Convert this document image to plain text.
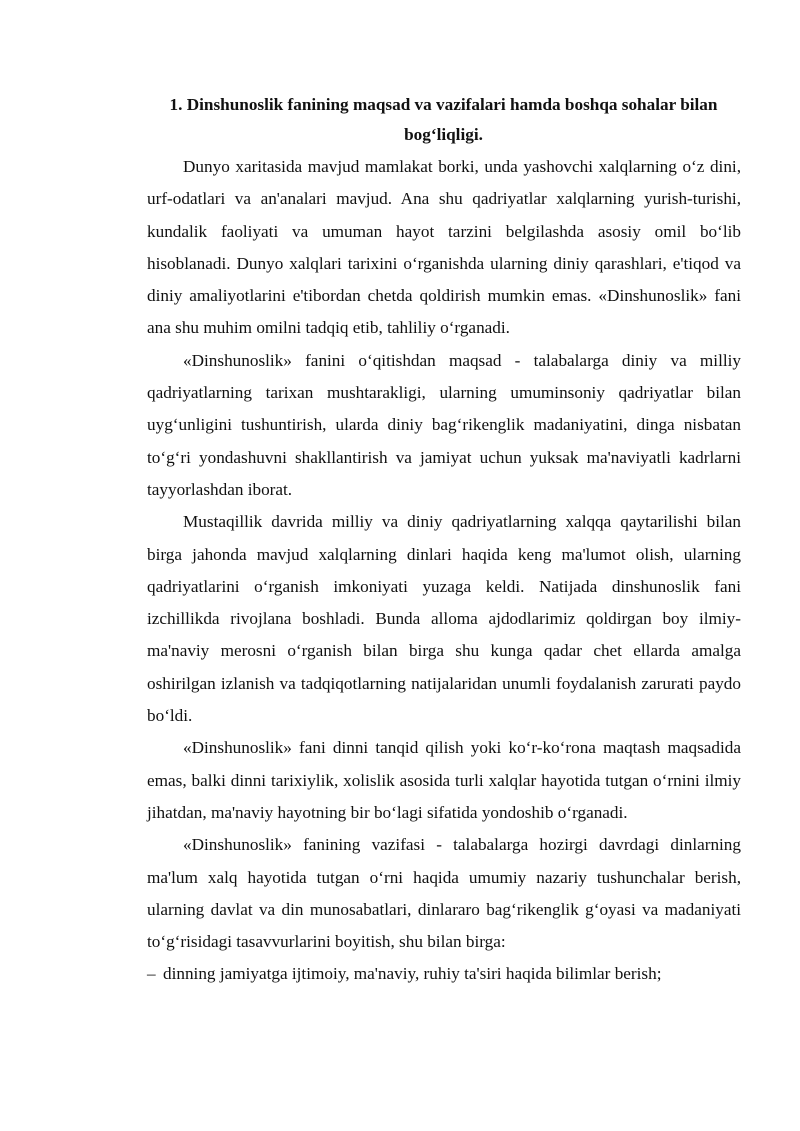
1. Dinshunoslik fanining maqsad va vazifalari hamda boshqa sohalar bilan bog‘liqligi.

Dunyo xaritasida mavjud mamlakat borki, unda yashovchi xalqlarning o‘z dini, urf-odatlari va an'analari mavjud. Ana shu qadriyatlar xalqlarning yurish-turishi, kundalik faoliyati va umuman hayot tarzini belgilashda asosiy omil bo‘lib hisoblanadi. Dunyo xalqlari tarixini o‘rganishda ularning diniy qarashlari, e'tiqod va diniy amaliyotlarini e'tibordan chetda qoldirish mumkin emas. «Dinshunoslik» fani ana shu muhim omilni tadqiq etib, tahliliy o‘rganadi.

«Dinshunoslik» fanini o‘qitishdan maqsad - talabalarga diniy va milliy qadriyatlarning tarixan mushtarakligi, ularning umuminsoniy qadriyatlar bilan uyg‘unligini tushuntirish, ularda diniy bag‘rikenglik madaniyatini, dinga nisbatan to‘g‘ri yondashuvni shakllantirish va jamiyat uchun yuksak ma'naviyatli kadrlarni tayyorlashdan iborat.

Mustaqillik davrida milliy va diniy qadriyatlarning xalqqa qaytarilishi bilan birga jahonda mavjud xalqlarning dinlari haqida keng ma'lumot olish, ularning qadriyatlarini o‘rganish imkoniyati yuzaga keldi. Natijada dinshunoslik fani izchillikda rivojlana boshladi. Bunda alloma ajdodlarimiz qoldirgan boy ilmiy-ma'naviy merosni o‘rganish bilan birga shu kunga qadar chet ellarda amalga oshirilgan izlanish va tadqiqotlarning natijalaridan unumli foydalanish zarurati paydo bo‘ldi.

«Dinshunoslik» fani dinni tanqid qilish yoki ko‘r-ko‘rona maqtash maqsadida emas, balki dinni tarixiylik, xolislik asosida turli xalqlar hayotida tutgan o‘rnini ilmiy jihatdan, ma'naviy hayotning bir bo‘lagi sifatida yondoshib o‘rganadi.

«Dinshunoslik» fanining vazifasi - talabalarga hozirgi davrdagi dinlarning ma'lum xalq hayotida tutgan o‘rni haqida umumiy nazariy tushunchalar berish, ularning davlat va din munosabatlari, dinlararo bag‘rikenglik g‘oyasi va madaniyati to‘g‘risidagi tasavvurlarini boyitish, shu bilan birga:

– dinning jamiyatga ijtimoiy, ma'naviy, ruhiy ta'siri haqida bilimlar berish;
